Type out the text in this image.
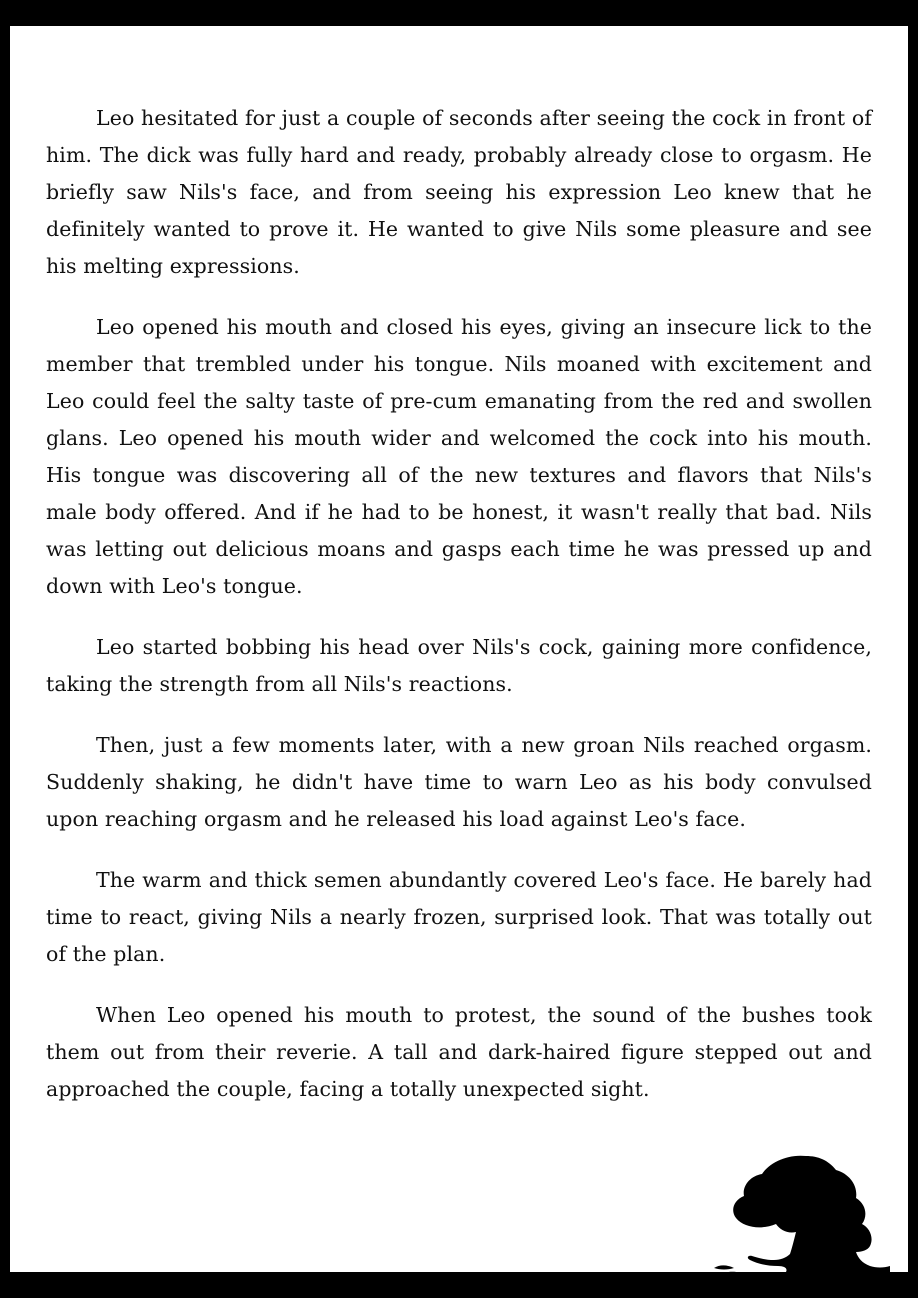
Leo hesitated for just a couple of seconds after seeing the cock in front of him. The dick was fully hard and ready, probably already close to orgasm. He briefly saw Nils's face, and from seeing his expression Leo knew that he definitely wanted to prove it. He wanted to give Nils some pleasure and see his melting expressions.

Leo opened his mouth and closed his eyes, giving an insecure lick to the member that trembled under his tongue. Nils moaned with excitement and Leo could feel the salty taste of pre-cum emanating from the red and swollen glans. Leo opened his mouth wider and welcomed the cock into his mouth. His tongue was discovering all of the new textures and flavors that Nils's male body offered. And if he had to be honest, it wasn't really that bad. Nils was letting out delicious moans and gasps each time he was pressed up and down with Leo's tongue.

Leo started bobbing his head over Nils's cock, gaining more confidence, taking the strength from all Nils's reactions.

Then, just a few moments later, with a new groan Nils reached orgasm. Suddenly shaking, he didn't have time to warn Leo as his body convulsed upon reaching orgasm and he released his load against Leo's face.

The warm and thick semen abundantly covered Leo's face. He barely had time to react, giving Nils a nearly frozen, surprised look. That was totally out of the plan.

When Leo opened his mouth to protest, the sound of the bushes took them out from their reverie. A tall and dark-haired figure stepped out and approached the couple, facing a totally unexpected sight.
